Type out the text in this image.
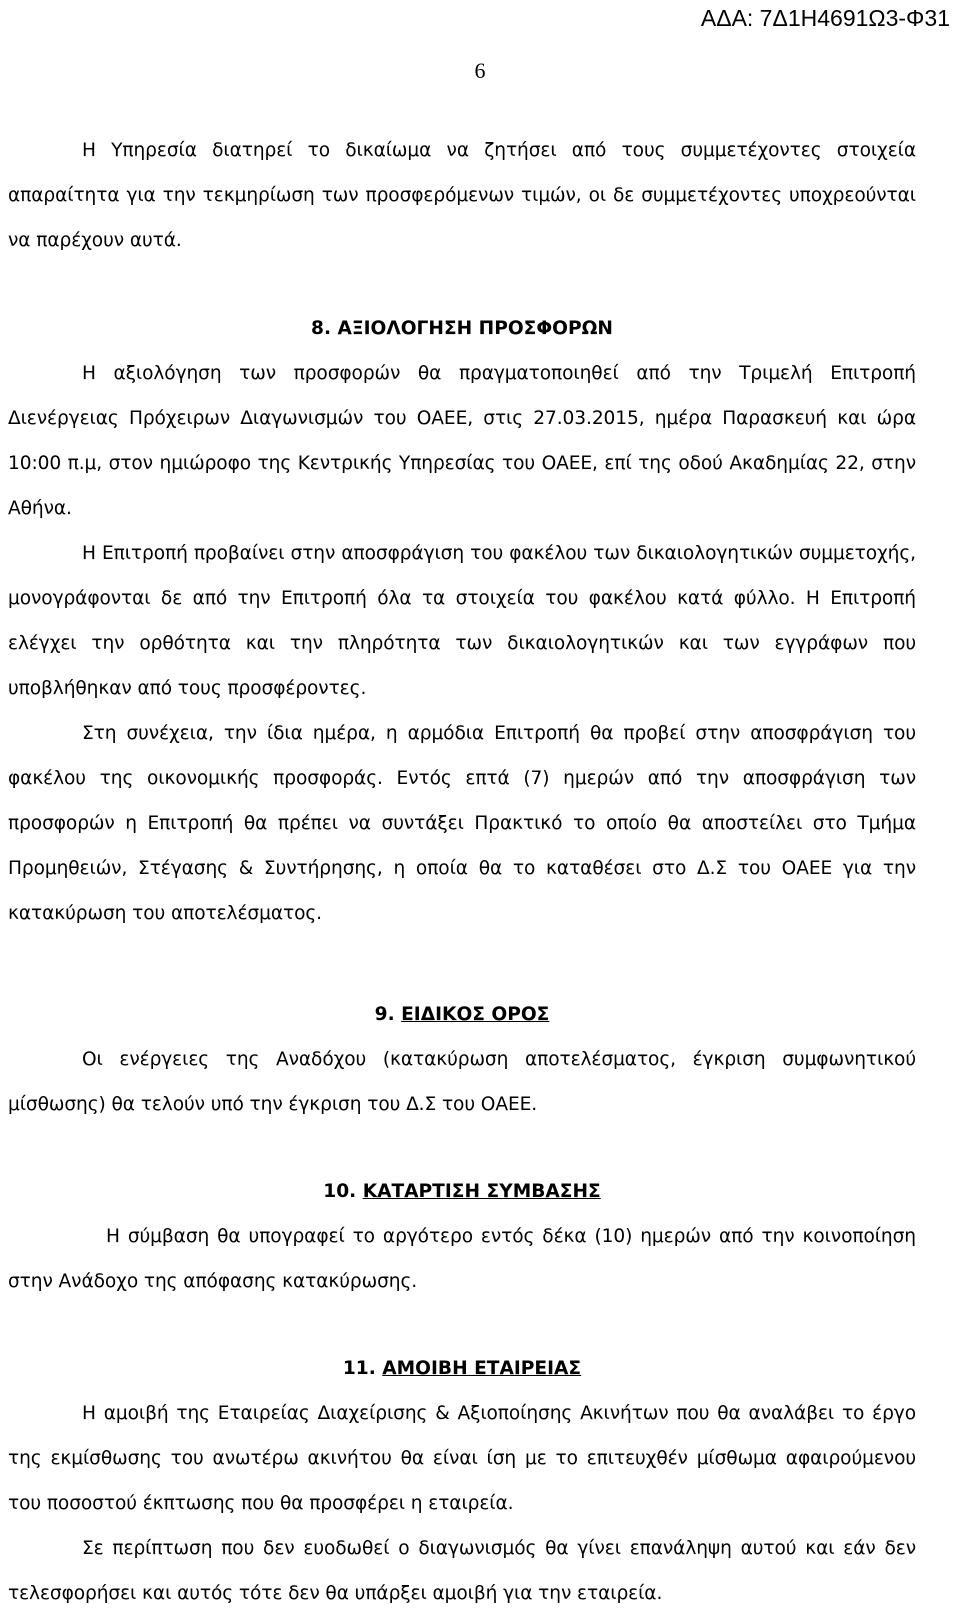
ΑΔΑ: 7Δ1Η4691Ω3-Φ31
6

Η Υπηρεσία διατηρεί το δικαίωμα να ζητήσει από τους συμμετέχοντες στοιχεία απαραίτητα για την τεκμηρίωση των προσφερόμενων τιμών, οι δε συμμετέχοντες υποχρεούνται να παρέχουν αυτά.

8. ΑΞΙΟΛΟΓΗΣΗ ΠΡΟΣΦΟΡΩΝ

Η αξιολόγηση των προσφορών θα πραγματοποιηθεί από την Τριμελή Επιτροπή Διενέργειας Πρόχειρων Διαγωνισμών του ΟΑΕΕ, στις 27.03.2015, ημέρα Παρασκευή και ώρα 10:00 π.μ, στον ημιώροφο της Κεντρικής Υπηρεσίας του ΟΑΕΕ, επί της οδού Ακαδημίας 22, στην Αθήνα.

Η Επιτροπή προβαίνει στην αποσφράγιση του φακέλου των δικαιολογητικών συμμετοχής, μονογράφονται δε από την Επιτροπή όλα τα στοιχεία του φακέλου κατά φύλλο. Η Επιτροπή ελέγχει την ορθότητα και την πληρότητα των δικαιολογητικών και των εγγράφων που υποβλήθηκαν από τους προσφέροντες.

Στη συνέχεια, την ίδια ημέρα, η αρμόδια Επιτροπή θα προβεί στην αποσφράγιση του φακέλου της οικονομικής προσφοράς. Εντός επτά (7) ημερών από την αποσφράγιση των προσφορών η Επιτροπή θα πρέπει να συντάξει Πρακτικό το οποίο θα αποστείλει στο Τμήμα Προμηθειών, Στέγασης & Συντήρησης, η οποία θα το καταθέσει στο Δ.Σ του ΟΑΕΕ για την κατακύρωση του αποτελέσματος.

9. ΕΙΔΙΚΟΣ ΟΡΟΣ

Οι ενέργειες της Αναδόχου (κατακύρωση αποτελέσματος, έγκριση συμφωνητικού μίσθωσης) θα τελούν υπό την έγκριση του Δ.Σ του ΟΑΕΕ.

10. ΚΑΤΑΡΤΙΣΗ ΣΥΜΒΑΣΗΣ

Η σύμβαση θα υπογραφεί το αργότερο εντός δέκα (10) ημερών από την κοινοποίηση στην Ανάδοχο της απόφασης κατακύρωσης.

11. ΑΜΟΙΒΗ ΕΤΑΙΡΕΙΑΣ

Η αμοιβή της Εταιρείας Διαχείρισης & Αξιοποίησης Ακινήτων που θα αναλάβει το έργο της εκμίσθωσης του ανωτέρω ακινήτου θα είναι ίση με το επιτευχθέν μίσθωμα αφαιρούμενου του ποσοστού έκπτωσης που θα προσφέρει η εταιρεία.

Σε περίπτωση που δεν ευοδωθεί ο διαγωνισμός θα γίνει επανάληψη αυτού και εάν δεν τελεσφορήσει και αυτός τότε δεν θα υπάρξει αμοιβή για την εταιρεία.
